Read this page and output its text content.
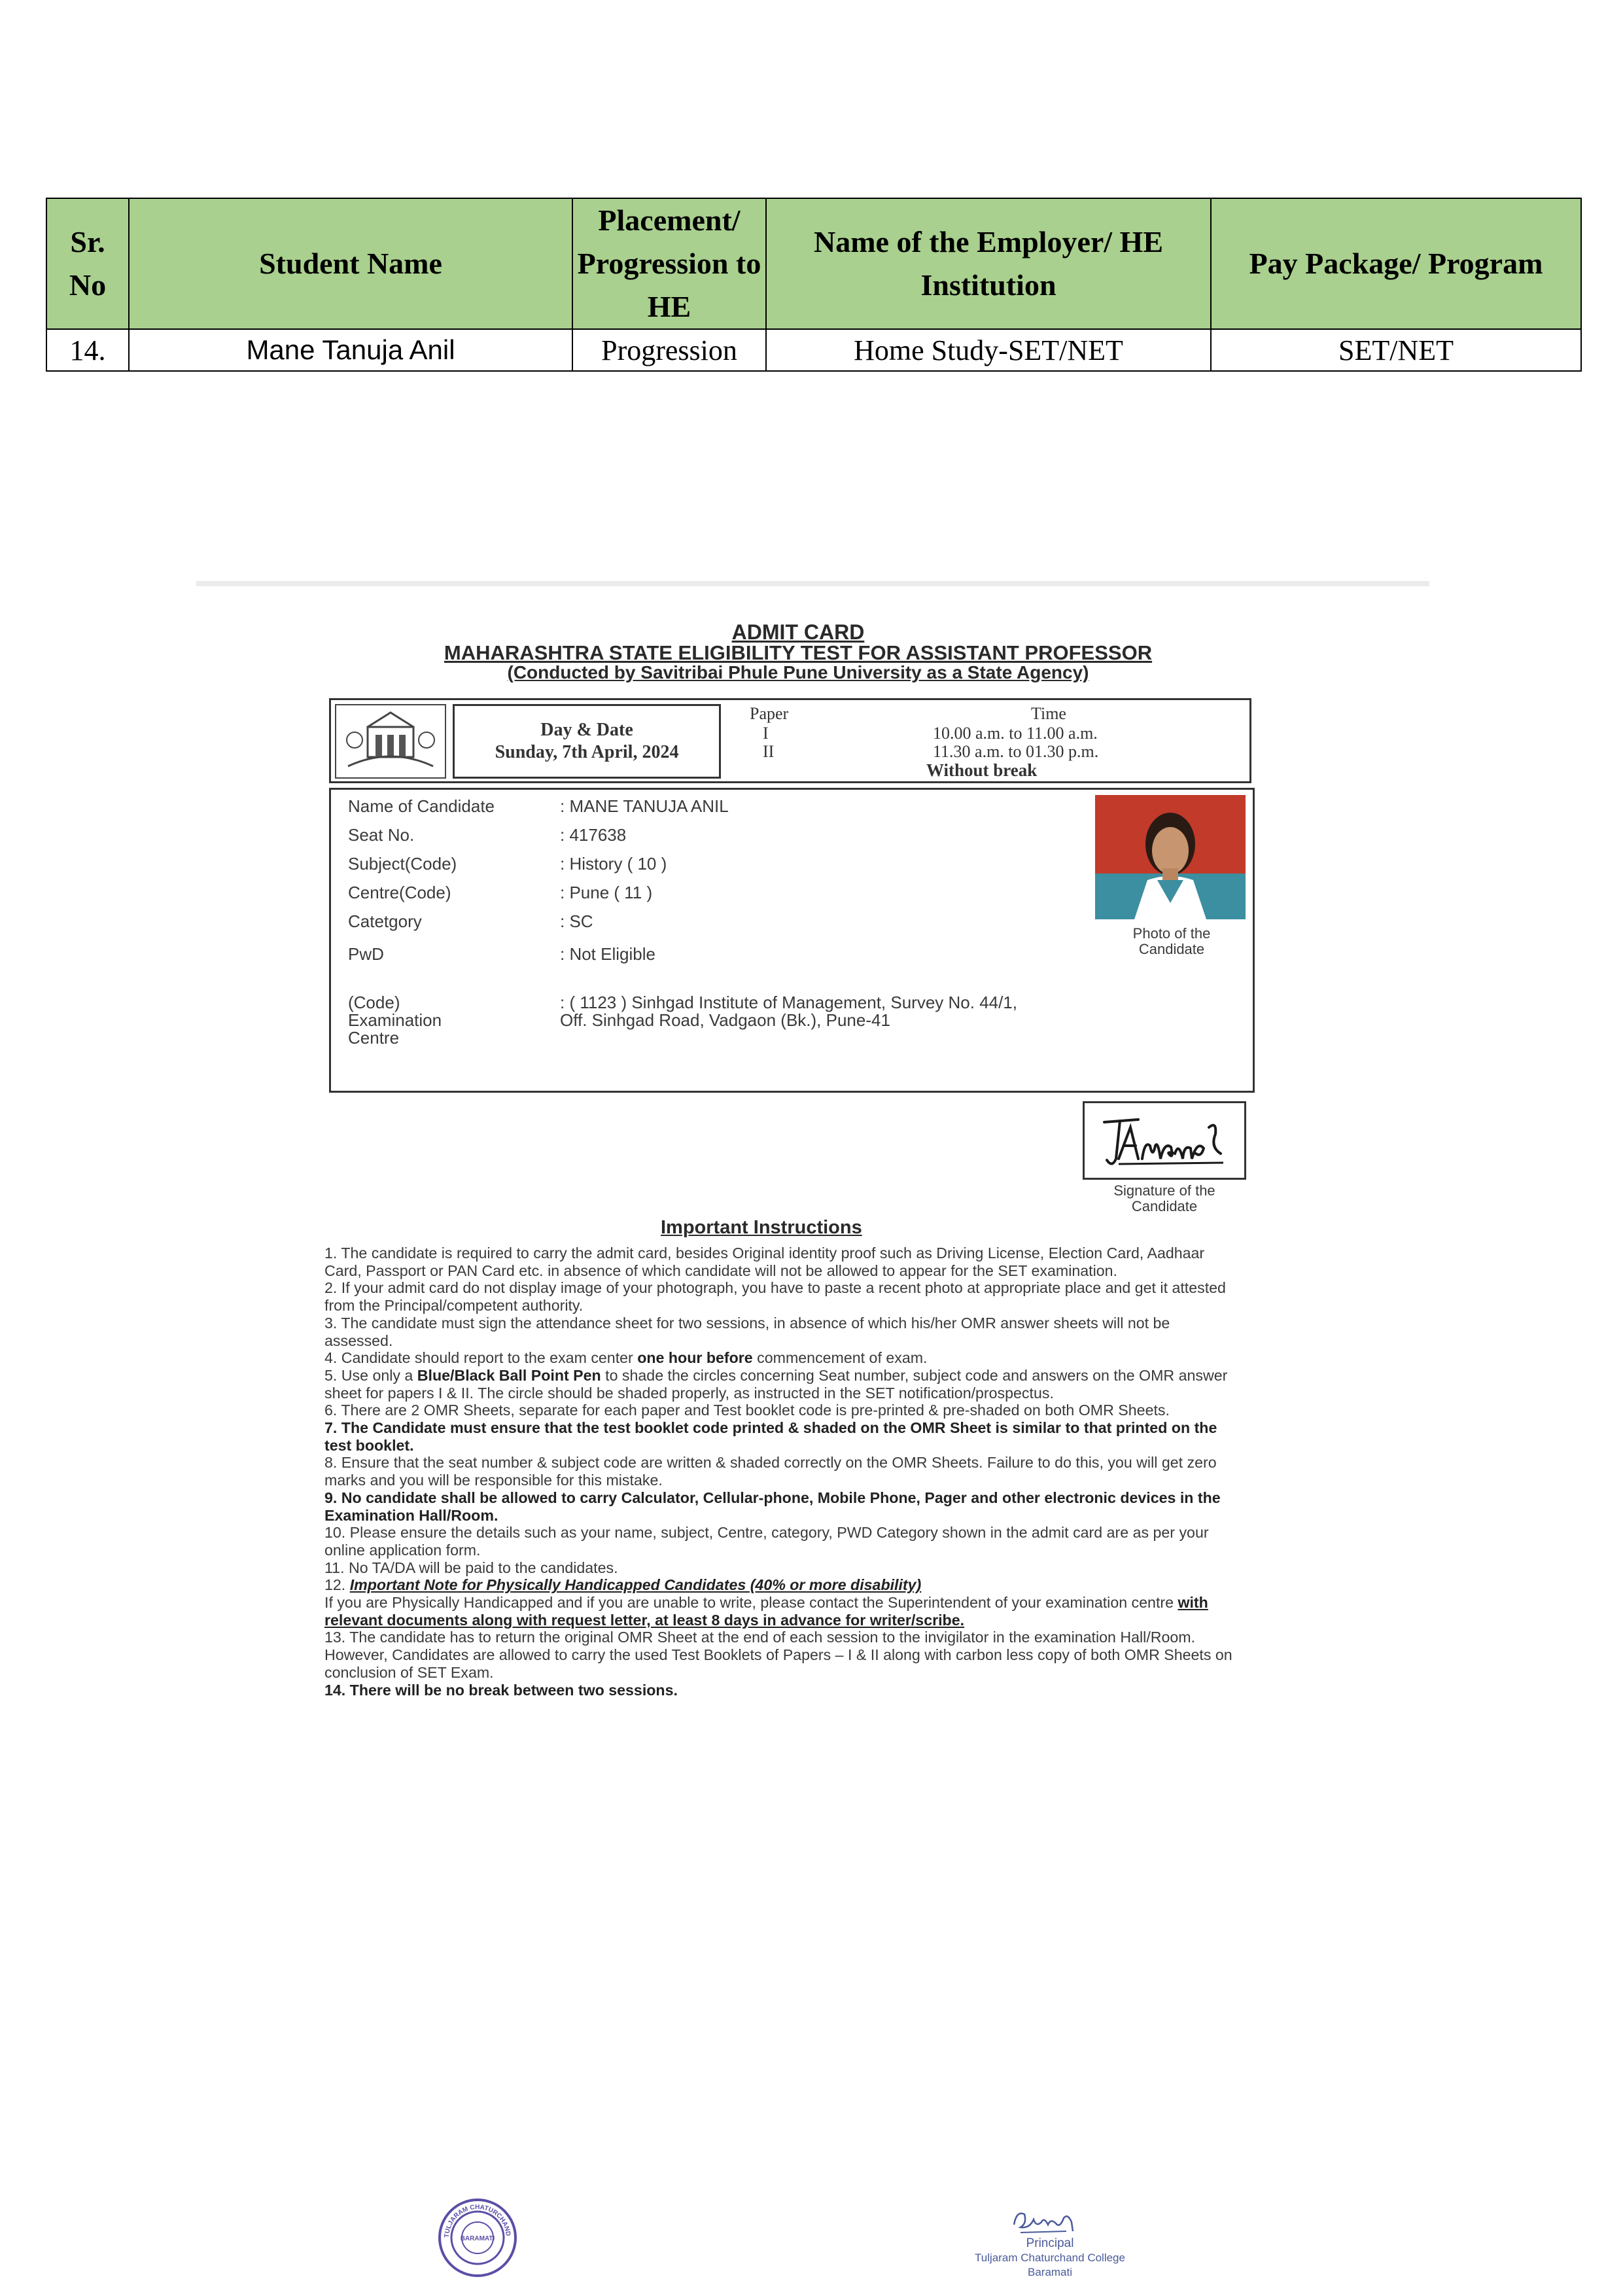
Sr. No	Student Name	Placement/ Progression to HE	Name of the Employer/ HE Institution	Pay Package/ Program
14.	Mane Tanuja Anil	Progression	Home Study-SET/NET	SET/NET
ADMIT CARD
MAHARASHTRA STATE ELIGIBILITY TEST FOR ASSISTANT PROFESSOR
(Conducted by Savitribai Phule Pune University as a State Agency)
Day & Date
Sunday, 7th April, 2024
Paper	Time
I	10.00 a.m. to 11.00 a.m.
II	11.30 a.m. to 01.30 p.m.
Without break
Name of Candidate	: MANE TANUJA ANIL
Seat No.	: 417638
Subject(Code)	: History ( 10 )
Centre(Code)	: Pune ( 11 )
Catetgory	: SC
PwD	: Not Eligible
(Code)
Examination
Centre
: ( 1123 ) Sinhgad Institute of Management, Survey No. 44/1,
Off. Sinhgad Road, Vadgaon (Bk.), Pune-41
Photo of the
Candidate
Signature of the
Candidate
Important Instructions

1. The candidate is required to carry the admit card, besides Original identity proof such as Driving License, Election Card, Aadhaar Card, Passport or PAN Card etc. in absence of which candidate will not be allowed to appear for the SET examination.

2. If your admit card do not display image of your photograph, you have to paste a recent photo at appropriate place and get it attested from the Principal/competent authority.

3. The candidate must sign the attendance sheet for two sessions, in absence of which his/her OMR answer sheets will not be assessed.

4. Candidate should report to the exam center one hour before commencement of exam.

5. Use only a Blue/Black Ball Point Pen to shade the circles concerning Seat number, subject code and answers on the OMR answer sheet for papers I & II. The circle should be shaded properly, as instructed in the SET notification/prospectus.

6. There are 2 OMR Sheets, separate for each paper and Test booklet code is pre-printed & pre-shaded on both OMR Sheets.

7. The Candidate must ensure that the test booklet code printed & shaded on the OMR Sheet is similar to that printed on the test booklet.

8. Ensure that the seat number & subject code are written & shaded correctly on the OMR Sheets. Failure to do this, you will get zero marks and you will be responsible for this mistake.

9. No candidate shall be allowed to carry Calculator, Cellular-phone, Mobile Phone, Pager and other electronic devices in the Examination Hall/Room.

10. Please ensure the details such as your name, subject, Centre, category, PWD Category shown in the admit card are as per your online application form.

11. No TA/DA will be paid to the candidates.

12. Important Note for Physically Handicapped Candidates (40% or more disability)
If you are Physically Handicapped and if you are unable to write, please contact the Superintendent of your examination centre with relevant documents along with request letter, at least 8 days in advance for writer/scribe.

13. The candidate has to return the original OMR Sheet at the end of each session to the invigilator in the examination Hall/Room. However, Candidates are allowed to carry the used Test Booklets of Papers – I & II along with carbon less copy of both OMR Sheets on conclusion of SET Exam.

14. There will be no break between two sessions.

TULJARAM CHATURCHAND
BARAMATI	Principal
Tuljaram Chaturchand College
Baramati
